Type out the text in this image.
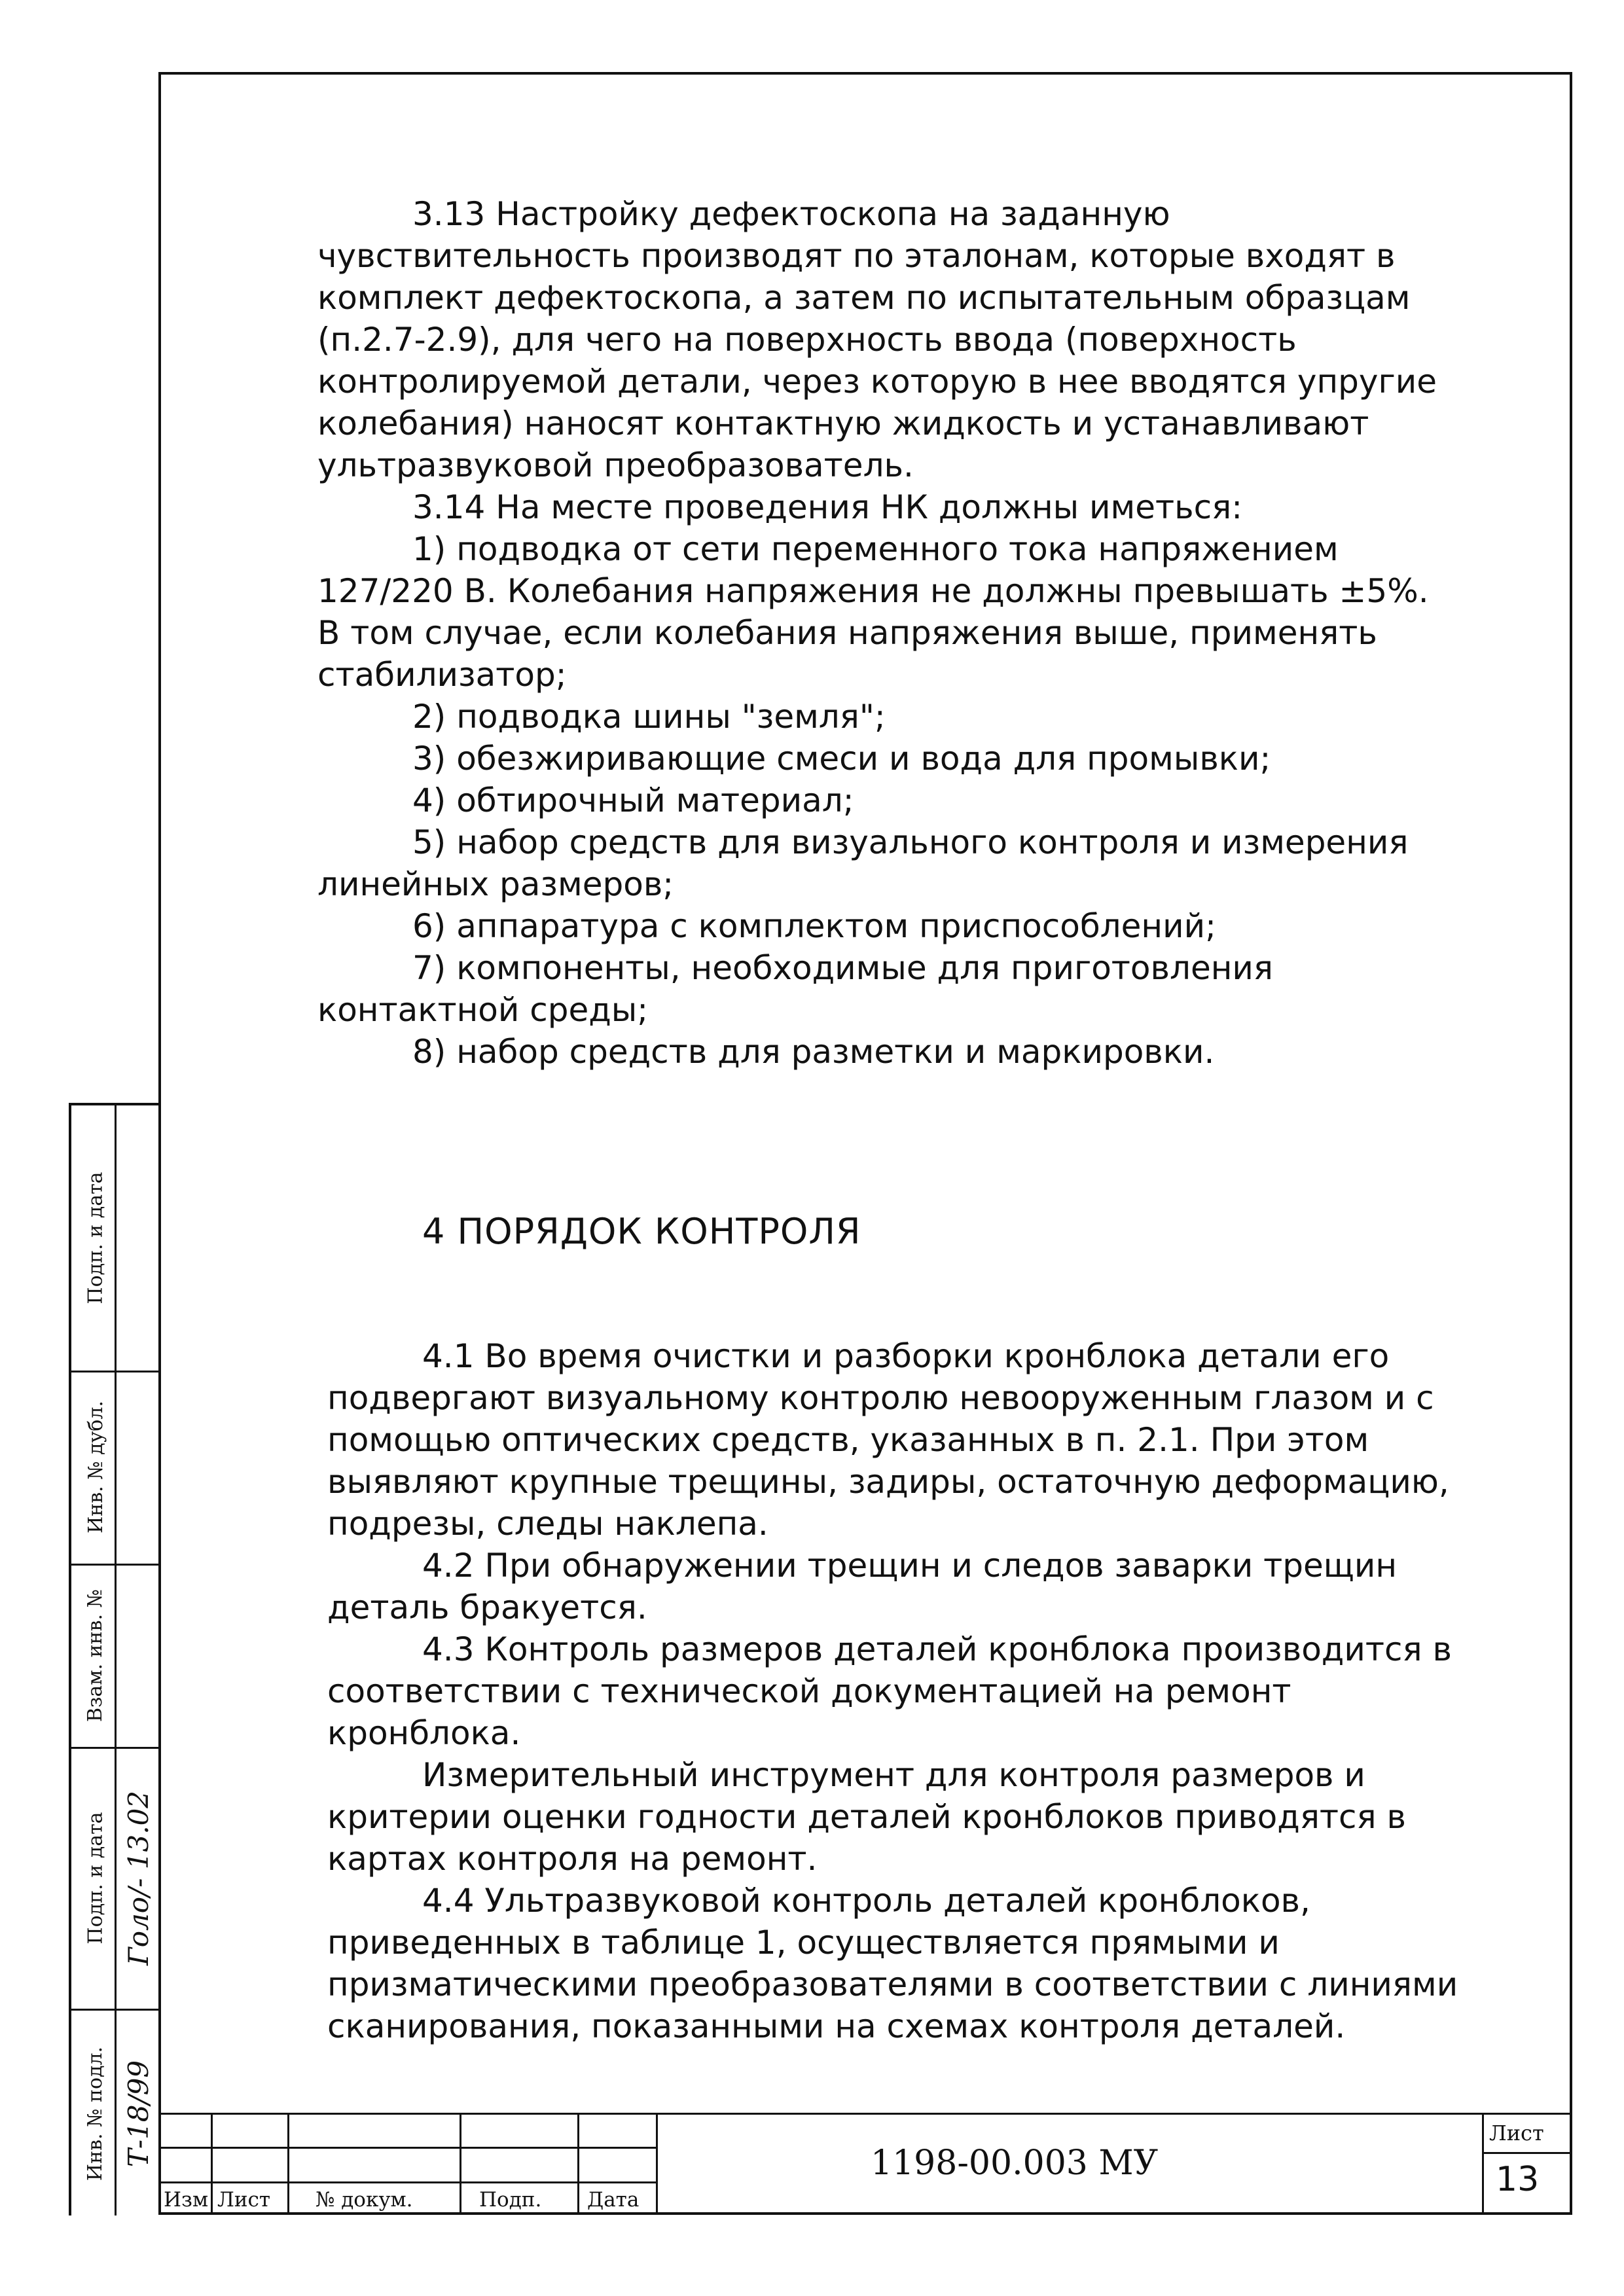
3.13 Настройку дефектоскопа на заданную
чувствительность производят по эталонам, которые входят в
комплект дефектоскопа, а затем по испытательным образцам
(п.2.7-2.9), для чего на поверхность ввода (поверхность
контролируемой детали, через которую в нее вводятся упругие
колебания) наносят контактную жидкость и устанавливают
ультразвуковой преобразователь.
3.14 На месте проведения НК должны иметься:
1) подводка от сети переменного тока напряжением
127/220 В. Колебания напряжения не должны превышать ±5%.
В том случае, если колебания напряжения выше, применять
стабилизатор;
2) подводка шины "земля";
3) обезжиривающие смеси и вода для промывки;
4) обтирочный материал;
5) набор средств для визуального контроля и измерения
линейных размеров;
6) аппаратура с комплектом приспособлений;
7) компоненты, необходимые для приготовления
контактной среды;
8) набор средств для разметки и маркировки.
4 ПОРЯДОК КОНТРОЛЯ
4.1 Во время очистки и разборки кронблока детали его
подвергают визуальному контролю невооруженным глазом и с
помощью оптических средств, указанных в п. 2.1. При этом
выявляют крупные трещины, задиры, остаточную деформацию,
подрезы, следы наклепа.
4.2 При обнаружении трещин и следов заварки трещин
деталь бракуется.
4.3 Контроль размеров деталей кронблока производится в
соответствии с технической документацией на ремонт
кронблока.
Измерительный инструмент для контроля размеров и
критерии оценки годности деталей кронблоков приводятся в
картах контроля на ремонт.
4.4 Ультразвуковой контроль деталей кронблоков,
приведенных в таблице 1, осуществляется прямыми и
призматическими преобразователями в соответствии с линиями
сканирования, показанными на схемах контроля деталей.
Подп. и дата
Инв. № дубл.
Взам. инв. №
Подп. и дата
Инв. № подл.
Голо/- 13.02
Т-18/99
Изм Лист № докум.	Подп. Дата
1198-00.003 МУ
Лист
13
